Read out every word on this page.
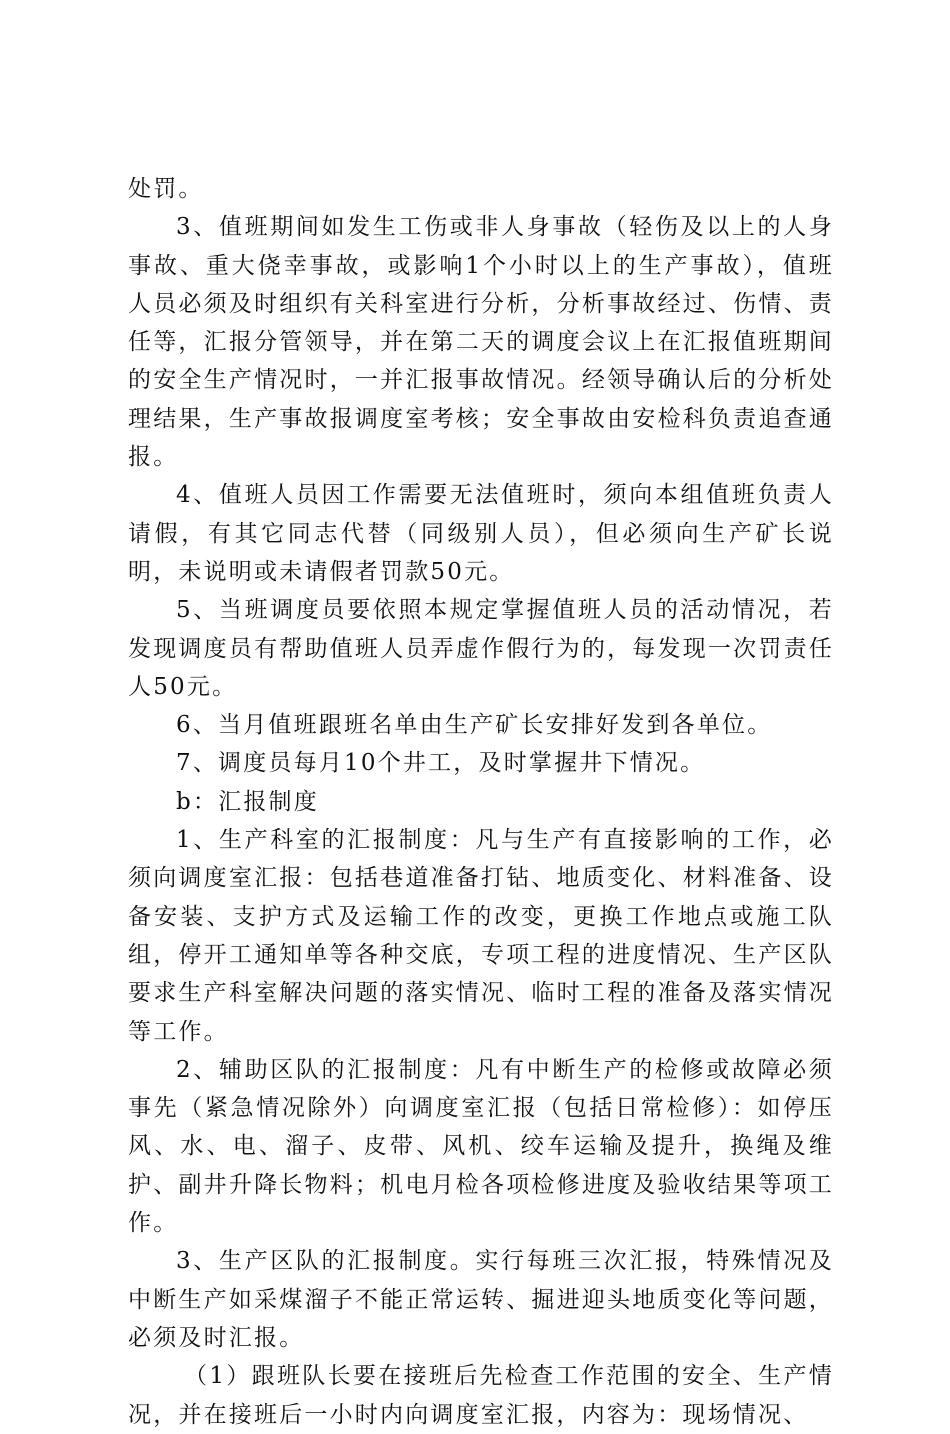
处罚。

3、值班期间如发生工伤或非人身事故（轻伤及以上的人身事故、重大侥幸事故，或影响1个小时以上的生产事故），值班人员必须及时组织有关科室进行分析，分析事故经过、伤情、责任等，汇报分管领导，并在第二天的调度会议上在汇报值班期间的安全生产情况时，一并汇报事故情况。经领导确认后的分析处理结果，生产事故报调度室考核；安全事故由安检科负责追查通报。

4、值班人员因工作需要无法值班时，须向本组值班负责人请假，有其它同志代替（同级别人员），但必须向生产矿长说明，未说明或未请假者罚款50元。

5、当班调度员要依照本规定掌握值班人员的活动情况，若发现调度员有帮助值班人员弄虚作假行为的，每发现一次罚责任人50元。

6、当月值班跟班名单由生产矿长安排好发到各单位。

7、调度员每月10个井工，及时掌握井下情况。

b：汇报制度

1、生产科室的汇报制度：凡与生产有直接影响的工作，必须向调度室汇报：包括巷道准备打钻、地质变化、材料准备、设备安装、支护方式及运输工作的改变，更换工作地点或施工队组，停开工通知单等各种交底，专项工程的进度情况、生产区队要求生产科室解决问题的落实情况、临时工程的准备及落实情况等工作。

2、辅助区队的汇报制度：凡有中断生产的检修或故障必须事先（紧急情况除外）向调度室汇报（包括日常检修）：如停压风、水、电、溜子、皮带、风机、绞车运输及提升，换绳及维护、副井升降长物料；机电月检各项检修进度及验收结果等项工作。

3、生产区队的汇报制度。实行每班三次汇报，特殊情况及中断生产如采煤溜子不能正常运转、掘进迎头地质变化等问题，必须及时汇报。

（1）跟班队长要在接班后先检查工作范围的安全、生产情况，并在接班后一小时内向调度室汇报，内容为：现场情况、
